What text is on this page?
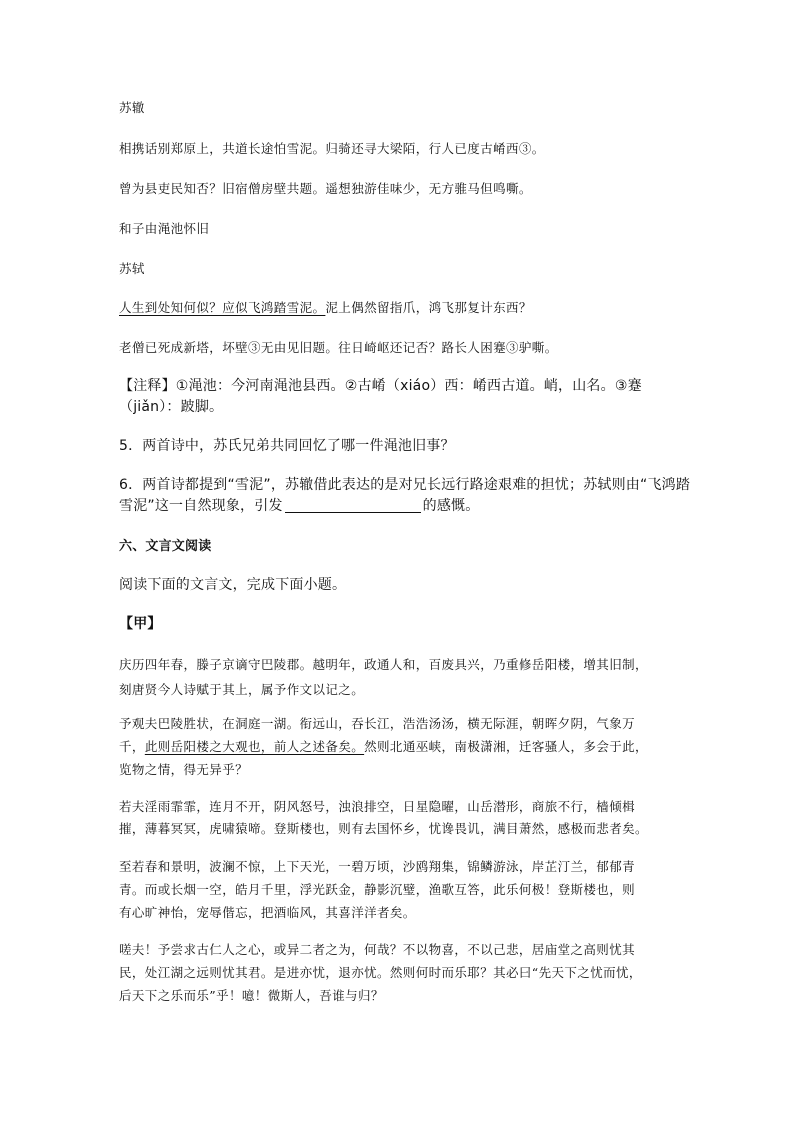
苏辙
相携话别郑原上，共道长途怕雪泥。归骑还寻大梁陌，行人已度古崤西③。
曾为县吏民知否？旧宿僧房壁共题。遥想独游佳味少，无方骓马但鸣嘶。
和子由渑池怀旧
苏轼
人生到处知何似？应似飞鸿踏雪泥。泥上偶然留指爪，鸿飞那复计东西？
老僧已死成新塔，坏壁③无由见旧题。往日崎岖还记否？路长人困蹇③驴嘶。
【注释】①渑池：今河南渑池县西。②古崤（xiáo）西：崤西古道。峭，山名。③蹇
（jiǎn）：跛脚。
5．两首诗中，苏氏兄弟共同回忆了哪一件渑池旧事？
6．两首诗都提到“雪泥”，苏辙借此表达的是对兄长远行路途艰难的担忧；苏轼则由“飞鸿踏
雪泥”这一自然现象，引发	的感慨。
六、文言文阅读
阅读下面的文言文，完成下面小题。
【甲】
庆历四年春，滕子京谪守巴陵郡。越明年，政通人和，百废具兴，乃重修岳阳楼，增其旧制，
刻唐贤今人诗赋于其上，属予作文以记之。
予观夫巴陵胜状，在洞庭一湖。衔远山，吞长江，浩浩汤汤，横无际涯，朝晖夕阴，气象万
千，此则岳阳楼之大观也，前人之述备矣。然则北通巫峡，南极潇湘，迁客骚人，多会于此，
览物之情，得无异乎？
若夫淫雨霏霏，连月不开，阴风怒号，浊浪排空，日星隐曜，山岳潜形，商旅不行，樯倾楫
摧，薄暮冥冥，虎啸猿啼。登斯楼也，则有去国怀乡，忧谗畏讥，满目萧然，感极而悲者矣。
至若春和景明，波澜不惊，上下天光，一碧万顷，沙鸥翔集，锦鳞游泳，岸芷汀兰，郁郁青
青。而或长烟一空，皓月千里，浮光跃金，静影沉璧，渔歌互答，此乐何极！登斯楼也，则
有心旷神怡，宠辱偕忘，把酒临风，其喜洋洋者矣。
嗟夫！予尝求古仁人之心，或异二者之为，何哉？不以物喜，不以己悲，居庙堂之高则忧其
民，处江湖之远则忧其君。是进亦忧，退亦忧。然则何时而乐耶？其必曰“先天下之忧而忧，
后天下之乐而乐”乎！噫！微斯人，吾谁与归？
